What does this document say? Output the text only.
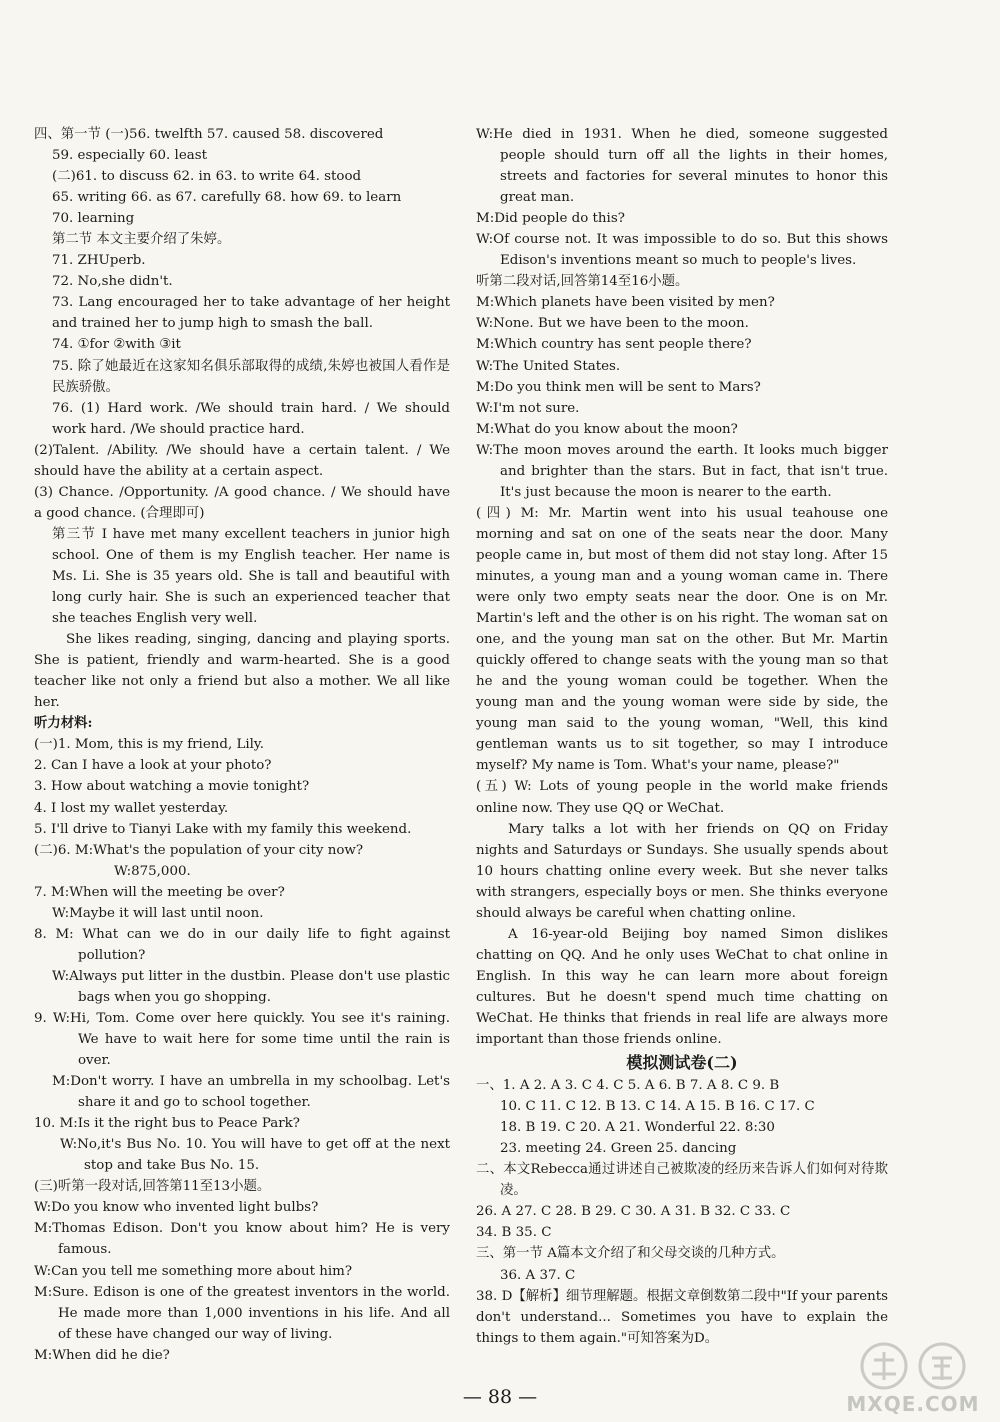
四、第一节 (一)56. twelfth 57. caused 58. discovered

59. especially 60. least

(二)61. to discuss 62. in 63. to write 64. stood

65. writing 66. as 67. carefully 68. how 69. to learn

70. learning

第二节 本文主要介绍了朱婷。

71. ZHUperb.

72. No,she didn't.

73. Lang encouraged her to take advantage of her height and trained her to jump high to smash the ball.

74. ①for ②with ③it

75. 除了她最近在这家知名俱乐部取得的成绩,朱婷也被国人看作是民族骄傲。

76. (1) Hard work. /We should train hard. / We should work hard. /We should practice hard.

(2)Talent. /Ability. /We should have a certain talent. / We should have the ability at a certain aspect.

(3) Chance. /Opportunity. /A good chance. / We should have a good chance. (合理即可)

第三节 I have met many excellent teachers in junior high school. One of them is my English teacher. Her name is Ms. Li. She is 35 years old. She is tall and beautiful with long curly hair. She is such an experienced teacher that she teaches English very well.

She likes reading, singing, dancing and playing sports. She is patient, friendly and warm-hearted. She is a good teacher like not only a friend but also a mother. We all like her.

听力材料:

(一)1. Mom, this is my friend, Lily.

2. Can I have a look at your photo?

3. How about watching a movie tonight?

4. I lost my wallet yesterday.

5. I'll drive to Tianyi Lake with my family this weekend.

(二)6. M:What's the population of your city now?

W:875,000.

7. M:When will the meeting be over?

W:Maybe it will last until noon.

8. M: What can we do in our daily life to fight against pollution?

W:Always put litter in the dustbin. Please don't use plastic bags when you go shopping.

9. W:Hi, Tom. Come over here quickly. You see it's raining. We have to wait here for some time until the rain is over.

M:Don't worry. I have an umbrella in my schoolbag. Let's share it and go to school together.

10. M:Is it the right bus to Peace Park?

W:No,it's Bus No. 10. You will have to get off at the next stop and take Bus No. 15.

(三)听第一段对话,回答第11至13小题。

W:Do you know who invented light bulbs?

M:Thomas Edison. Don't you know about him? He is very famous.

W:Can you tell me something more about him?

M:Sure. Edison is one of the greatest inventors in the world. He made more than 1,000 inventions in his life. And all of these have changed our way of living.

M:When did he die?

W:He died in 1931. When he died, someone suggested people should turn off all the lights in their homes, streets and factories for several minutes to honor this great man.

M:Did people do this?

W:Of course not. It was impossible to do so. But this shows Edison's inventions meant so much to people's lives.

听第二段对话,回答第14至16小题。

M:Which planets have been visited by men?

W:None. But we have been to the moon.

M:Which country has sent people there?

W:The United States.

M:Do you think men will be sent to Mars?

W:I'm not sure.

M:What do you know about the moon?

W:The moon moves around the earth. It looks much bigger and brighter than the stars. But in fact, that isn't true. It's just because the moon is nearer to the earth.

(四) M: Mr. Martin went into his usual teahouse one morning and sat on one of the seats near the door. Many people came in, but most of them did not stay long. After 15 minutes, a young man and a young woman came in. There were only two empty seats near the door. One is on Mr. Martin's left and the other is on his right. The woman sat on one, and the young man sat on the other. But Mr. Martin quickly offered to change seats with the young man so that he and the young woman could be together. When the young man and the young woman were side by side, the young man said to the young woman, "Well, this kind gentleman wants us to sit together, so may I introduce myself? My name is Tom. What's your name, please?"

(五) W: Lots of young people in the world make friends online now. They use QQ or WeChat.

Mary talks a lot with her friends on QQ on Friday nights and Saturdays or Sundays. She usually spends about 10 hours chatting online every week. But she never talks with strangers, especially boys or men. She thinks everyone should always be careful when chatting online.

A 16-year-old Beijing boy named Simon dislikes chatting on QQ. And he only uses WeChat to chat online in English. In this way he can learn more about foreign cultures. But he doesn't spend much time chatting on WeChat. He thinks that friends in real life are always more important than those friends online.

模拟测试卷(二)

一、1. A 2. A 3. C 4. C 5. A 6. B 7. A 8. C 9. B

10. C 11. C 12. B 13. C 14. A 15. B 16. C 17. C

18. B 19. C 20. A 21. Wonderful 22. 8:30

23. meeting 24. Green 25. dancing

二、本文Rebecca通过讲述自己被欺凌的经历来告诉人们如何对待欺凌。

26. A 27. C 28. B 29. C 30. A 31. B 32. C 33. C

34. B 35. C

三、第一节 A篇本文介绍了和父母交谈的几种方式。

36. A 37. C

38. D【解析】细节理解题。根据文章倒数第二段中"If your parents don't understand... Sometimes you have to explain the things to them again."可知答案为D。

— 88 —	MXQE.COM
